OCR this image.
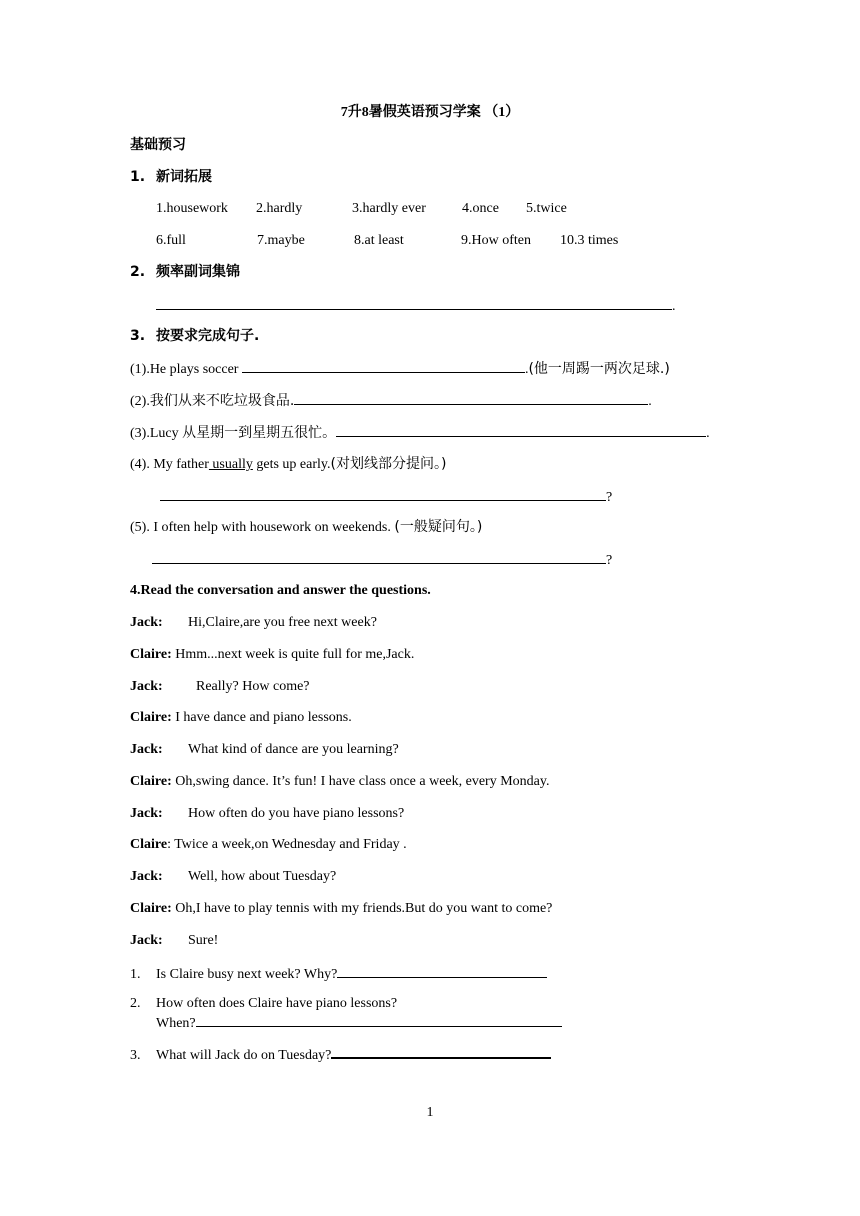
7升8暑假英语预习学案 （1）
基础预习
1. 新词拓展
1.housework 2.hardly	3.hardly ever	4.once 5.twice
6.full	7.maybe	8.at least	9.How often 10.3 times
2. 频率副词集锦
.
3. 按要求完成句子.
(1).He plays soccer	.(他一周踢一两次足球.)
(2).我们从来不吃垃圾食品.	.
(3).Lucy 从星期一到星期五很忙。	.
(4). My father usually gets up early.(对划线部分提问。)
?
(5). I often help with housework on weekends. (一般疑问句。)
?
4.Read the conversation and answer the questions.
Jack: Hi,Claire,are you free next week?
Claire: Hmm...next week is quite full for me,Jack.
Jack: Really? How come?
Claire: I have dance and piano lessons.
Jack: What kind of dance are you learning?
Claire: Oh,swing dance. It’s fun! I have class once a week, every Monday.
Jack: How often do you have piano lessons?
Claire: Twice a week,on Wednesday and Friday .
Jack: Well, how about Tuesday?
Claire: Oh,I have to play tennis with my friends.But do you want to come?
Jack: Sure!
1. Is Claire busy next week? Why?
2. How often does Claire have piano lessons?
When?
3. What will Jack do on Tuesday?
1
